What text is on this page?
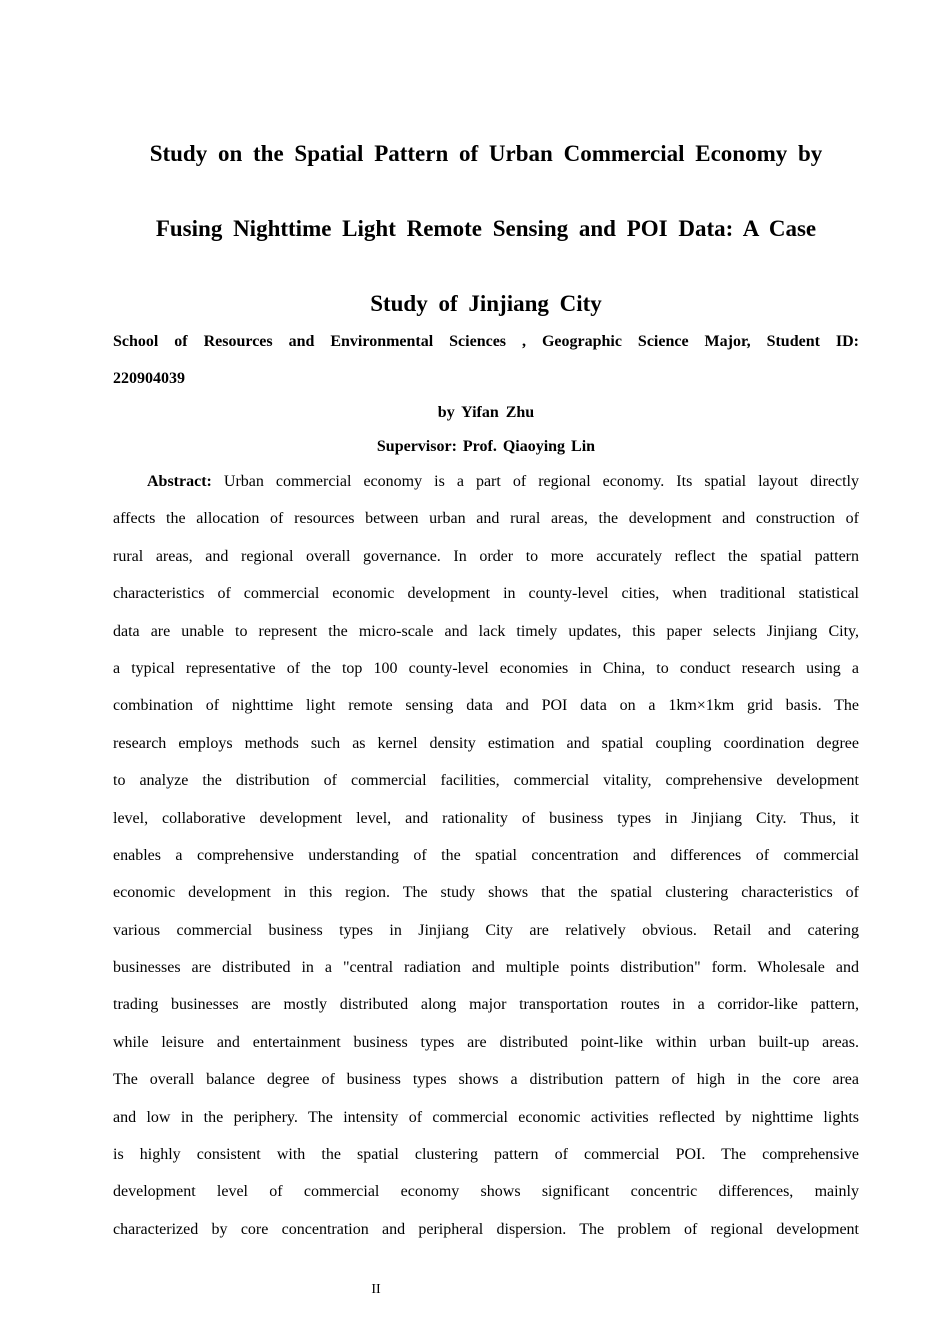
Study on the Spatial Pattern of Urban Commercial Economy by
Fusing Nighttime Light Remote Sensing and POI Data: A Case
Study of Jinjiang City
School of Resources and Environmental Sciences , Geographic Science Major, Student ID:
220904039
by Yifan Zhu
Supervisor: Prof. Qiaoying Lin
Abstract: Urban commercial economy is a part of regional economy. Its spatial layout directly
affects the allocation of resources between urban and rural areas, the development and construction of
rural areas, and regional overall governance. In order to more accurately reflect the spatial pattern
characteristics of commercial economic development in county-level cities, when traditional statistical
data are unable to represent the micro-scale and lack timely updates, this paper selects Jinjiang City,
a typical representative of the top 100 county-level economies in China, to conduct research using a
combination of nighttime light remote sensing data and POI data on a 1km×1km grid basis. The
research employs methods such as kernel density estimation and spatial coupling coordination degree
to analyze the distribution of commercial facilities, commercial vitality, comprehensive development
level, collaborative development level, and rationality of business types in Jinjiang City. Thus, it
enables a comprehensive understanding of the spatial concentration and differences of commercial
economic development in this region. The study shows that the spatial clustering characteristics of
various commercial business types in Jinjiang City are relatively obvious. Retail and catering
businesses are distributed in a "central radiation and multiple points distribution" form. Wholesale and
trading businesses are mostly distributed along major transportation routes in a corridor-like pattern,
while leisure and entertainment business types are distributed point-like within urban built-up areas.
The overall balance degree of business types shows a distribution pattern of high in the core area
and low in the periphery. The intensity of commercial economic activities reflected by nighttime lights
is highly consistent with the spatial clustering pattern of commercial POI. The comprehensive
development level of commercial economy shows significant concentric differences, mainly
characterized by core concentration and peripheral dispersion. The problem of regional development
II
